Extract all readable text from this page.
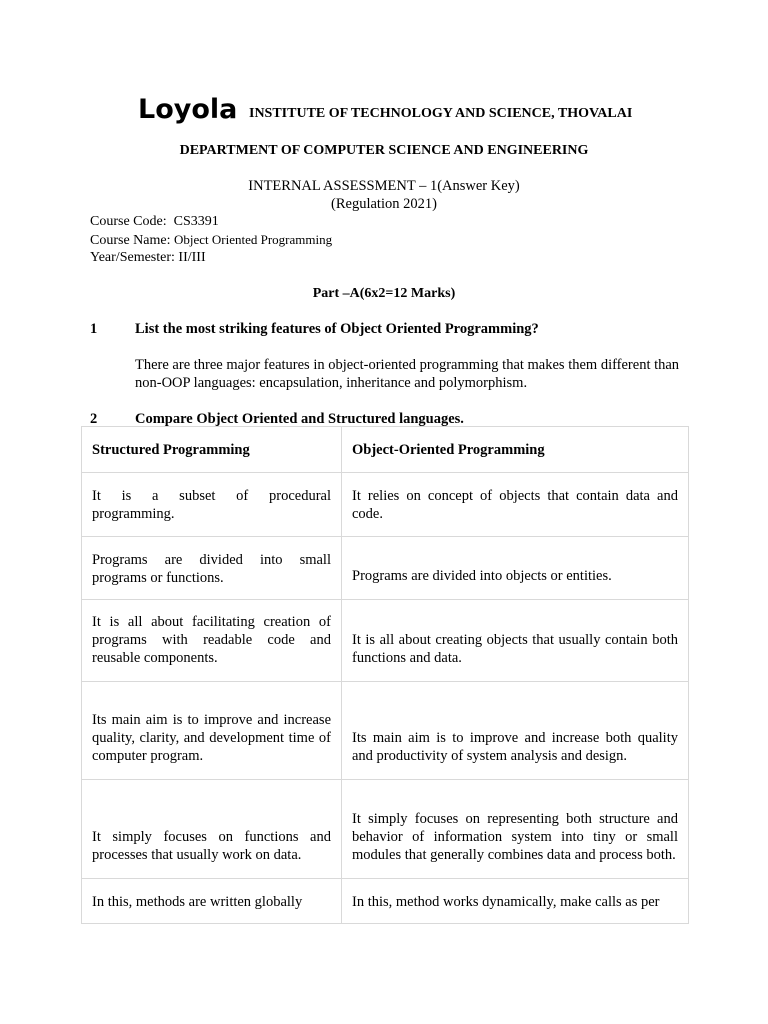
Loyola INSTITUTE OF TECHNOLOGY AND SCIENCE, THOVALAI
DEPARTMENT OF COMPUTER SCIENCE AND ENGINEERING
INTERNAL ASSESSMENT – 1(Answer Key)
(Regulation 2021)
Course Code: CS3391
Course Name: Object Oriented Programming
Year/Semester: II/III
Part –A(6x2=12 Marks)
1	List the most striking features of Object Oriented Programming?
There are three major features in object-oriented programming that makes them different than non-OOP languages: encapsulation, inheritance and polymorphism.
2	Compare Object Oriented and Structured languages.
Structured Programming	Object-Oriented Programming
It is a subset of procedural programming.	It relies on concept of objects that contain data and code.
Programs are divided into small programs or functions.	Programs are divided into objects or entities.
It is all about facilitating creation of programs with readable code and reusable components.	It is all about creating objects that usually contain both functions and data.
Its main aim is to improve and increase quality, clarity, and development time of computer program.	Its main aim is to improve and increase both quality and productivity of system analysis and design.
It simply focuses on functions and processes that usually work on data.	It simply focuses on representing both structure and behavior of information system into tiny or small modules that generally combines data and process both.
In this, methods are written globally	In this, method works dynamically, make calls as per
